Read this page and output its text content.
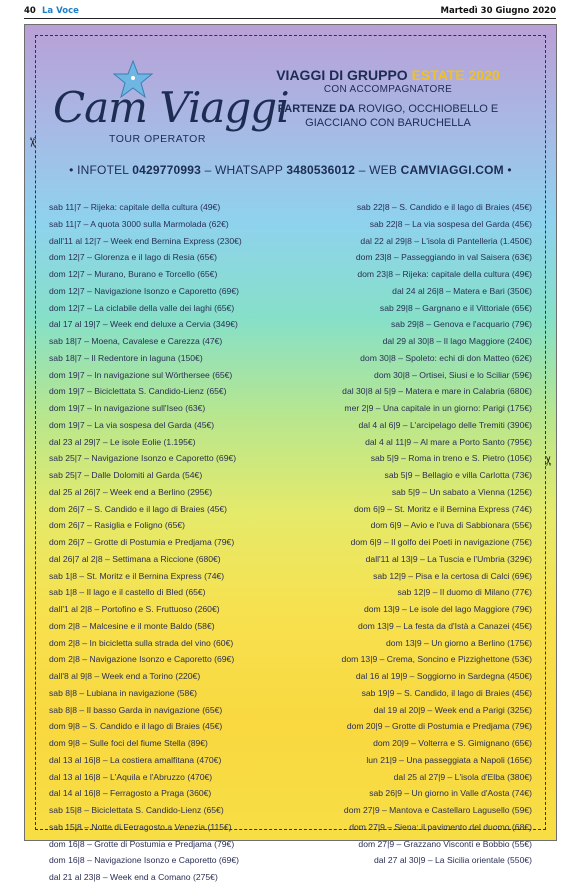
40 La Voce	Martedì 30 Giugno 2020
✂
✂
Cam Viaggi
TOUR OPERATOR
VIAGGI DI GRUPPO ESTATE 2020
CON ACCOMPAGNATORE
PARTENZE DA ROVIGO, OCCHIOBELLO E
GIACCIANO CON BARUCHELLA
• INFOTEL 0429770993 – WHATSAPP 3480536012 – WEB CAMVIAGGI.COM •
sab 11|7 – Rijeka: capitale della cultura (49€)
sab 11|7 – A quota 3000 sulla Marmolada (62€)
dall'11 al 12|7 – Week end Bernina Express (230€)
dom 12|7 – Glorenza e il lago di Resia (65€)
dom 12|7 – Murano, Burano e Torcello (65€)
dom 12|7 – Navigazione Isonzo e Caporetto (69€)
dom 12|7 – La ciclabile della valle dei laghi (65€)
dal 17 al 19|7 – Week end deluxe a Cervia (349€)
sab 18|7 – Moena, Cavalese e Carezza (47€)
sab 18|7 – Il Redentore in laguna (150€)
dom 19|7 – In navigazione sul Wörthersee (65€)
dom 19|7 – Biciclettata S. Candido-Lienz (65€)
dom 19|7 – In navigazione sull'Iseo (63€)
dom 19|7 – La via sospesa del Garda (45€)
dal 23 al 29|7 – Le isole Eolie (1.195€)
sab 25|7 – Navigazione Isonzo e Caporetto (69€)
sab 25|7 – Dalle Dolomiti al Garda (54€)
dal 25 al 26|7 – Week end a Berlino (295€)
dom 26|7 – S. Candido e il lago di Braies (45€)
dom 26|7 – Rasiglia e Foligno (65€)
dom 26|7 – Grotte di Postumia e Predjama (79€)
dal 26|7 al 2|8 – Settimana a Riccione (680€)
sab 1|8 – St. Moritz e il Bernina Express (74€)
sab 1|8 – Il lago e il castello di Bled (65€)
dall'1 al 2|8 – Portofino e S. Fruttuoso (260€)
dom 2|8 – Malcesine e il monte Baldo (58€)
dom 2|8 – In bicicletta sulla strada del vino (60€)
dom 2|8 – Navigazione Isonzo e Caporetto (69€)
dall'8 al 9|8 – Week end a Torino (220€)
sab 8|8 – Lubiana in navigazione (58€)
sab 8|8 – Il basso Garda in navigazione (65€)
dom 9|8 – S. Candido e il lago di Braies (45€)
dom 9|8 – Sulle foci del fiume Stella (89€)
dal 13 al 16|8 – La costiera amalfitana (470€)
dal 13 al 16|8 – L'Aquila e l'Abruzzo (470€)
dal 14 al 16|8 – Ferragosto a Praga (360€)
sab 15|8 – Biciclettata S. Candido-Lienz (65€)
sab 15|8 – Notte di Ferragosto a Venezia (115€)
dom 16|8 – Grotte di Postumia e Predjama (79€)
dom 16|8 – Navigazione Isonzo e Caporetto (69€)
dal 21 al 23|8 – Week end a Comano (275€)
sab 22|8 – S. Candido e il lago di Braies (45€)
sab 22|8 – La via sospesa del Garda (45€)
dal 22 al 29|8 – L'isola di Pantelleria (1.450€)
dom 23|8 – Passeggiando in val Saisera (63€)
dom 23|8 – Rijeka: capitale della cultura (49€)
dal 24 al 26|8 – Matera e Bari (350€)
sab 29|8 – Gargnano e il Vittoriale (65€)
sab 29|8 – Genova e l'acquario (79€)
dal 29 al 30|8 – Il lago Maggiore (240€)
dom 30|8 – Spoleto: echi di don Matteo (62€)
dom 30|8 – Ortisei, Siusi e lo Sciliar (59€)
dal 30|8 al 5|9 – Matera e mare in Calabria (680€)
mer 2|9 – Una capitale in un giorno: Parigi (175€)
dal 4 al 6|9 – L'arcipelago delle Tremiti (390€)
dal 4 al 11|9 – Al mare a Porto Santo (795€)
sab 5|9 – Roma in treno e S. Pietro (105€)
sab 5|9 – Bellagio e villa Carlotta (73€)
sab 5|9 – Un sabato a Vienna (125€)
dom 6|9 – St. Moritz e il Bernina Express (74€)
dom 6|9 – Avio e l'uva di Sabbionara (55€)
dom 6|9 – Il golfo dei Poeti in navigazione (75€)
dall'11 al 13|9 – La Tuscia e l'Umbria (329€)
sab 12|9 – Pisa e la certosa di Calci (69€)
sab 12|9 – Il duomo di Milano (77€)
dom 13|9 – Le isole del lago Maggiore (79€)
dom 13|9 – La festa da d'Istà a Canazei (45€)
dom 13|9 – Un giorno a Berlino (175€)
dom 13|9 – Crema, Soncino e Pizzighettone (53€)
dal 16 al 19|9 – Soggiorno in Sardegna (450€)
sab 19|9 – S. Candido, il lago di Braies (45€)
dal 19 al 20|9 – Week end a Parigi (325€)
dom 20|9 – Grotte di Postumia e Predjama (79€)
dom 20|9 – Volterra e S. Gimignano (65€)
lun 21|9 – Una passeggiata a Napoli (165€)
dal 25 al 27|9 – L'isola d'Elba (380€)
sab 26|9 – Un giorno in Valle d'Aosta (74€)
dom 27|9 – Mantova e Castellaro Lagusello (59€)
dom 27|9 – Siena: il pavimento del duomo (68€)
dom 27|9 – Grazzano Visconti e Bobbio (55€)
dal 27 al 30|9 – La Sicilia orientale (550€)
